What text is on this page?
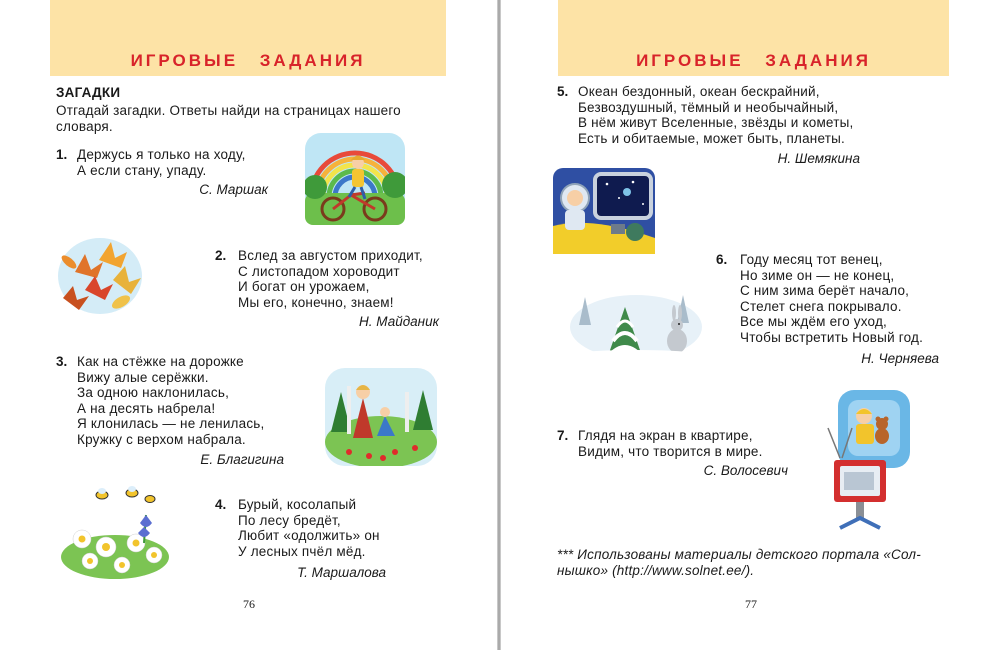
ИГРОВЫЕ ЗАДАНИЯ
ЗАГАДКИ
Отгадай загадки. Ответы найди на страницах нашего
словаря.
1. Держусь я только на ходу,
А если стану, упаду.
С. Маршак
2. Вслед за августом приходит,
С листопадом хороводит
И богат он урожаем,
Мы его, конечно, знаем!
Н. Майданик
3. Как на стёжке на дорожке
Вижу алые серёжки.
За одною наклонилась,
А на десять набрела!
Я клонилась — не ленилась,
Кружку с верхом набрала.
Е. Благигина
4. Бурый, косолапый
По лесу бредёт,
Любит «одолжить» он
У лесных пчёл мёд.
Т. Маршалова
76
ИГРОВЫЕ ЗАДАНИЯ
5. Океан бездонный, океан бескрайний,
Безвоздушный, тёмный и необычайный,
В нём живут Вселенные, звёзды и кометы,
Есть и обитаемые, может быть, планеты.
Н. Шемякина
6. Году месяц тот венец,
Но зиме он — не конец,
С ним зима берёт начало,
Стелет снега покрывало.
Все мы ждём его уход,
Чтобы встретить Новый год.
Н. Черняева
7. Глядя на экран в квартире,
Видим, что творится в мире.
С. Волосевич
*** Использованы материалы детского портала «Сол-
нышко» (http://www.solnet.ee/).
77
